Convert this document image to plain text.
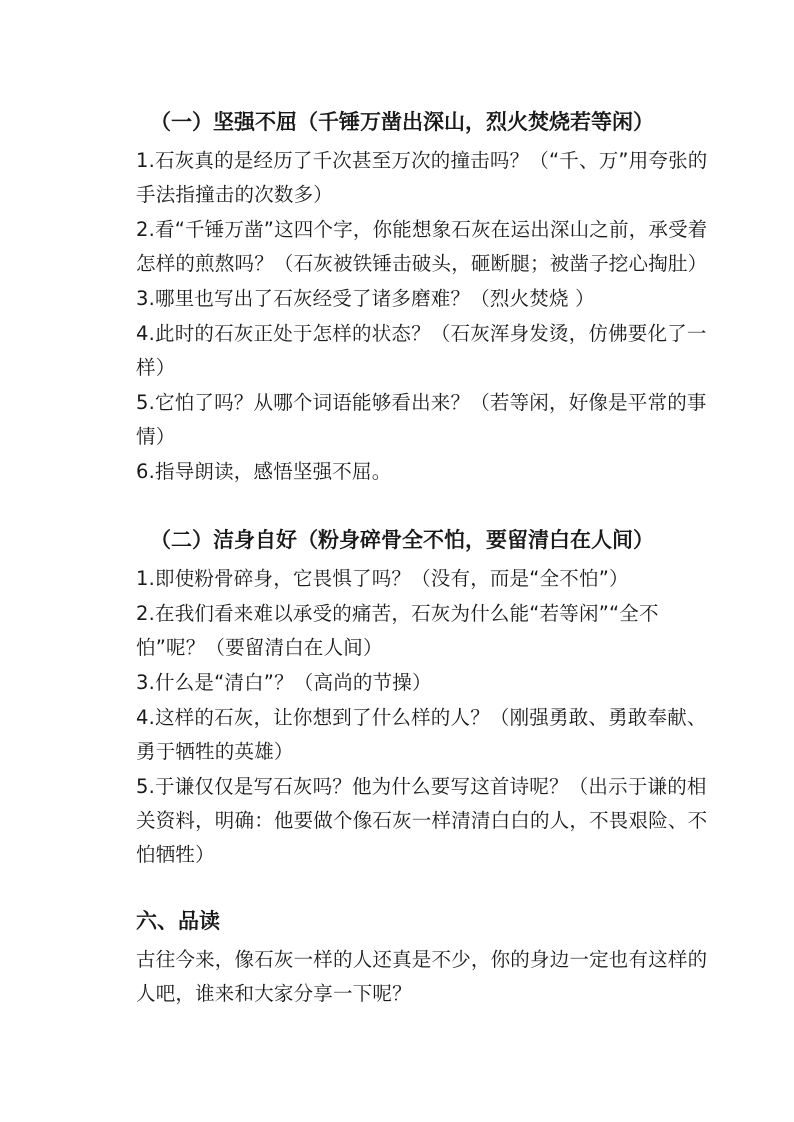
（一）坚强不屈（千锤万凿出深山，烈火焚烧若等闲）

1.石灰真的是经历了千次甚至万次的撞击吗？（“千、万”用夸张的手法指撞击的次数多）

2.看“千锤万凿”这四个字，你能想象石灰在运出深山之前，承受着怎样的煎熬吗？（石灰被铁锤击破头，砸断腿；被凿子挖心掏肚）

3.哪里也写出了石灰经受了诸多磨难？（烈火焚烧 ）

4.此时的石灰正处于怎样的状态？（石灰浑身发烫，仿佛要化了一样）

5.它怕了吗？从哪个词语能够看出来？（若等闲，好像是平常的事情）

6.指导朗读，感悟坚强不屈。

（二）洁身自好（粉身碎骨全不怕，要留清白在人间）

1.即使粉骨碎身，它畏惧了吗？（没有，而是“全不怕”）

2.在我们看来难以承受的痛苦，石灰为什么能“若等闲”“全不怕”呢？（要留清白在人间）

3.什么是“清白”？（高尚的节操）

4.这样的石灰，让你想到了什么样的人？（刚强勇敢、勇敢奉献、勇于牺牲的英雄）

5.于谦仅仅是写石灰吗？他为什么要写这首诗呢？（出示于谦的相关资料，明确：他要做个像石灰一样清清白白的人，不畏艰险、不怕牺牲）

六、品读

古往今来，像石灰一样的人还真是不少，你的身边一定也有这样的人吧，谁来和大家分享一下呢？
